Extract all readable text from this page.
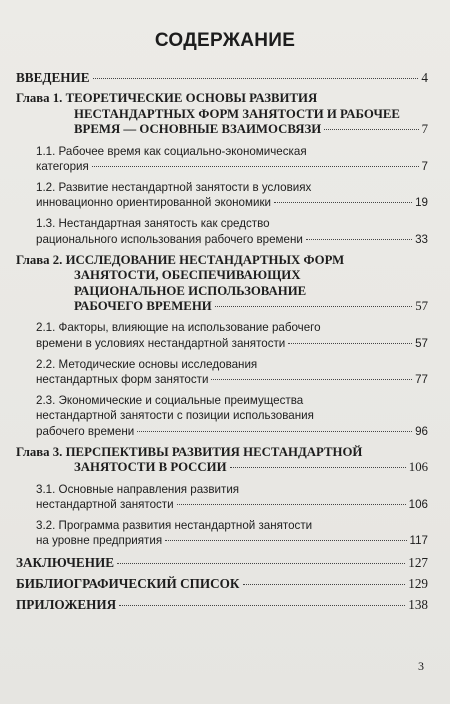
СОДЕРЖАНИЕ
ВВЕДЕНИЕ	4
Глава 1. ТЕОРЕТИЧЕСКИЕ ОСНОВЫ РАЗВИТИЯ
НЕСТАНДАРТНЫХ ФОРМ ЗАНЯТОСТИ И РАБОЧЕЕ
ВРЕМЯ — ОСНОВНЫЕ ВЗАИМОСВЯЗИ	7
1.1. Рабочее время как социально-экономическая
категория	7
1.2. Развитие нестандартной занятости в условиях
инновационно ориентированной экономики	19
1.3. Нестандартная занятость как средство
рационального использования рабочего времени	33
Глава 2. ИССЛЕДОВАНИЕ НЕСТАНДАРТНЫХ ФОРМ
ЗАНЯТОСТИ, ОБЕСПЕЧИВАЮЩИХ
РАЦИОНАЛЬНОЕ ИСПОЛЬЗОВАНИЕ
РАБОЧЕГО ВРЕМЕНИ	57
2.1. Факторы, влияющие на использование рабочего
времени в условиях нестандартной занятости	57
2.2. Методические основы исследования
нестандартных форм занятости	77
2.3. Экономические и социальные преимущества
нестандартной занятости с позиции использования
рабочего времени	96
Глава 3. ПЕРСПЕКТИВЫ РАЗВИТИЯ НЕСТАНДАРТНОЙ
ЗАНЯТОСТИ В РОССИИ	106
3.1. Основные направления развития
нестандартной занятости	106
3.2. Программа развития нестандартной занятости
на уровне предприятия	117
ЗАКЛЮЧЕНИЕ	127
БИБЛИОГРАФИЧЕСКИЙ СПИСОК	129
ПРИЛОЖЕНИЯ	138
3
